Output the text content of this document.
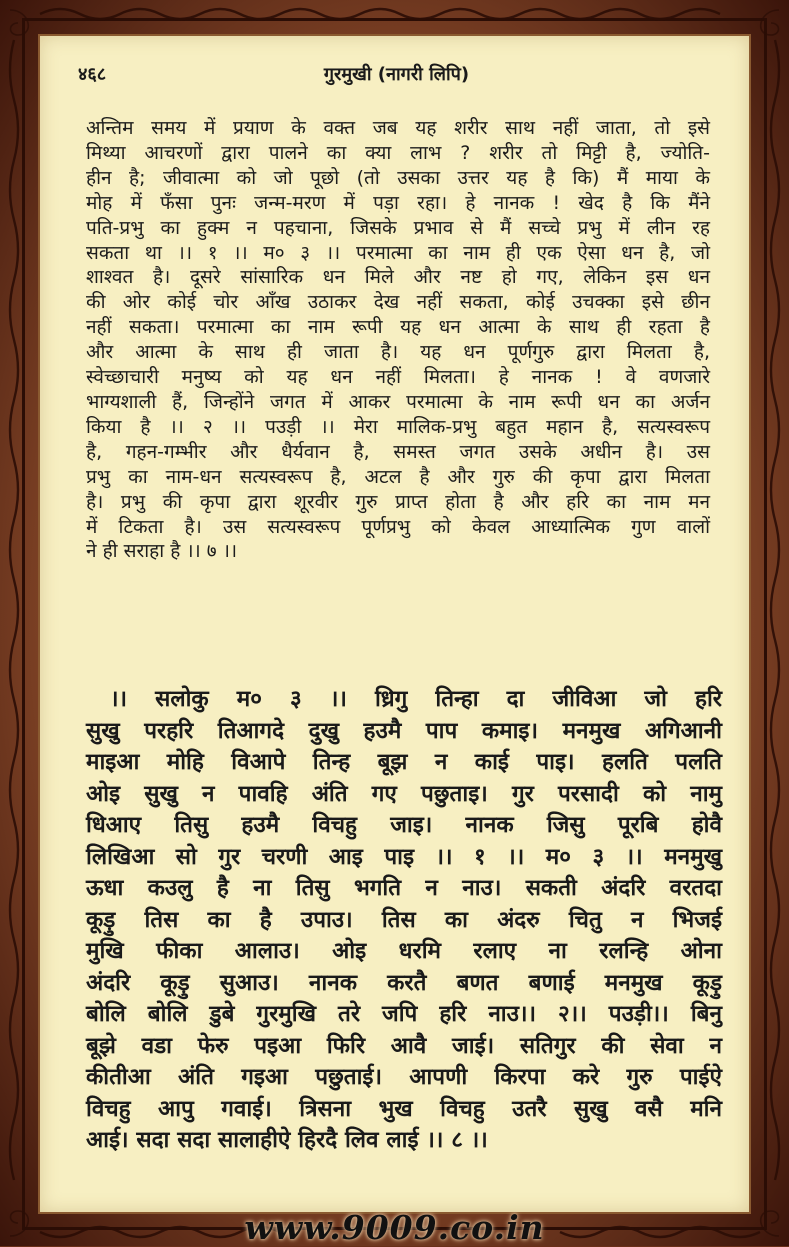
४६८	गुरमुखी (नागरी लिपि)
अन्तिम समय में प्रयाण के वक्त जब यह शरीर साथ नहीं जाता, तो इसे
मिथ्या आचरणों द्वारा पालने का क्या लाभ ? शरीर तो मिट्टी है, ज्योति-
हीन है; जीवात्मा को जो पूछो (तो उसका उत्तर यह है कि) मैं माया के
मोह में फँसा पुनः जन्म-मरण में पड़ा रहा। हे नानक ! खेद है कि मैंने
पति-प्रभु का हुक्म न पहचाना, जिसके प्रभाव से मैं सच्चे प्रभु में लीन रह
सकता था ।। १ ।। म० ३ ।। परमात्मा का नाम ही एक ऐसा धन है, जो
शाश्वत है। दूसरे सांसारिक धन मिले और नष्ट हो गए, लेकिन इस धन
की ओर कोई चोर आँख उठाकर देख नहीं सकता, कोई उचक्का इसे छीन
नहीं सकता। परमात्मा का नाम रूपी यह धन आत्मा के साथ ही रहता है
और आत्मा के साथ ही जाता है। यह धन पूर्णगुरु द्वारा मिलता है,
स्वेच्छाचारी मनुष्य को यह धन नहीं मिलता। हे नानक ! वे वणजारे
भाग्यशाली हैं, जिन्होंने जगत में आकर परमात्मा के नाम रूपी धन का अर्जन
किया है ।। २ ।। पउड़ी ।। मेरा मालिक-प्रभु बहुत महान है, सत्यस्वरूप
है, गहन-गम्भीर और धैर्यवान है, समस्त जगत उसके अधीन है। उस
प्रभु का नाम-धन सत्यस्वरूप है, अटल है और गुरु की कृपा द्वारा मिलता
है। प्रभु की कृपा द्वारा शूरवीर गुरु प्राप्त होता है और हरि का नाम मन
में टिकता है। उस सत्यस्वरूप पूर्णप्रभु को केवल आध्यात्मिक गुण वालों
ने ही सराहा है ।। ७ ।।
।। सलोकु म० ३ ।। ध्रिगु तिन्हा दा जीविआ जो हरि
सुखु परहरि तिआगदे दुखु हउमै पाप कमाइ। मनमुख अगिआनी
माइआ मोहि विआपे तिन्ह बूझ न काई पाइ। हलति पलति
ओइ सुखु न पावहि अंति गए पछुताइ। गुर परसादी को नामु
धिआए तिसु हउमै विचहु जाइ। नानक जिसु पूरबि होवै
लिखिआ सो गुर चरणी आइ पाइ ।। १ ।। म० ३ ।। मनमुखु
ऊधा कउलु है ना तिसु भगति न नाउ। सकती अंदरि वरतदा
कूड़ु तिस का है उपाउ। तिस का अंदरु चितु न भिजई
मुखि फीका आलाउ। ओइ धरमि रलाए ना रलन्हि ओना
अंदरि कूड़ु सुआउ। नानक करतै बणत बणाई मनमुख कूड़ु
बोलि बोलि डुबे गुरमुखि तरे जपि हरि नाउ।। २।। पउड़ी।। बिनु
बूझे वडा फेरु पइआ फिरि आवै जाई। सतिगुर की सेवा न
कीतीआ अंति गइआ पछुताई। आपणी किरपा करे गुरु पाईऐ
विचहु आपु गवाई। त्रिसना भुख विचहु उतरै सुखु वसै मनि
आई। सदा सदा सालाहीऐ हिरदै लिव लाई ।। ८ ।।
www.9009.co.in
